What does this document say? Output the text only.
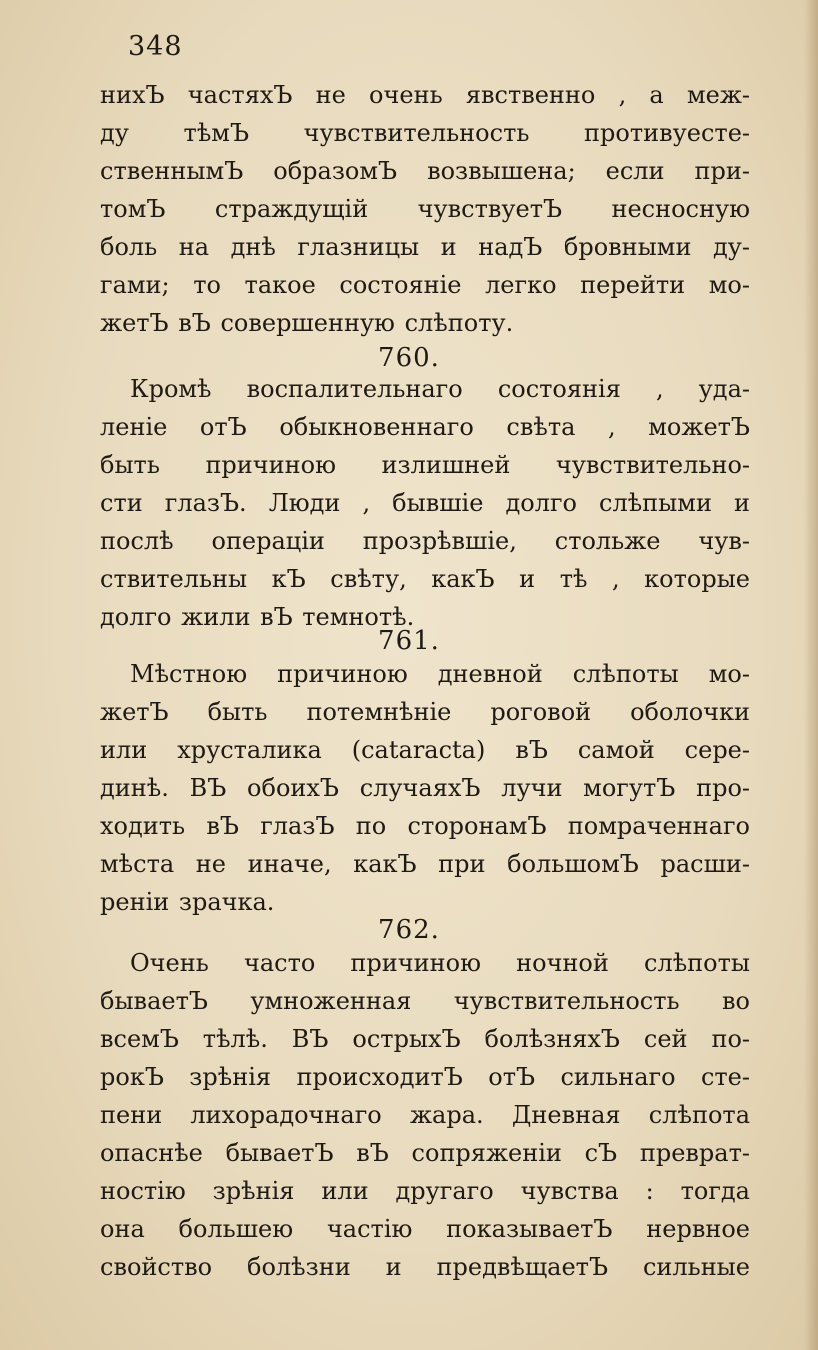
348
нихЪ частяхЪ не очень явственно , а меж-
ду тѣмЪ чувствительность противуесте-
ственнымЪ образомЪ возвышена; если при-
томЪ страждущій чувствуетЪ несносную
боль на днѣ глазницы и надЪ бровными ду-
гами; то такое состояніе легко перейти мо-
жетЪ вЪ совершенную слѣпоту.
760.
Кромѣ воспалительнаго состоянія , уда-
леніе отЪ обыкновеннаго свѣта , можетЪ
быть причиною излишней чувствительно-
сти глазЪ. Люди , бывшіе долго слѣпыми и
послѣ операціи прозрѣвшіе, стольже чув-
ствительны кЪ свѣту, какЪ и тѣ , которые
долго жили вЪ темнотѣ.
761.
Мѣстною причиною дневной слѣпоты мо-
жетЪ быть потемнѣніе роговой оболочки
или хрусталика (cataracta) вЪ самой сере-
динѣ. ВЪ обоихЪ случаяхЪ лучи могутЪ про-
ходить вЪ глазЪ по сторонамЪ помраченнаго
мѣста не иначе, какЪ при большомЪ расши-
реніи зрачка.
762.
Очень часто причиною ночной слѣпоты
бываетЪ умноженная чувствительность во
всемЪ тѣлѣ. ВЪ острыхЪ болѣзняхЪ сей по-
рокЪ зрѣнія происходитЪ отЪ сильнаго сте-
пени лихорадочнаго жара. Дневная слѣпота
опаснѣе бываетЪ вЪ сопряженіи сЪ преврат-
ностію зрѣнія или другаго чувства : тогда
она большею частію показываетЪ нервное
свойство болѣзни и предвѣщаетЪ сильные
